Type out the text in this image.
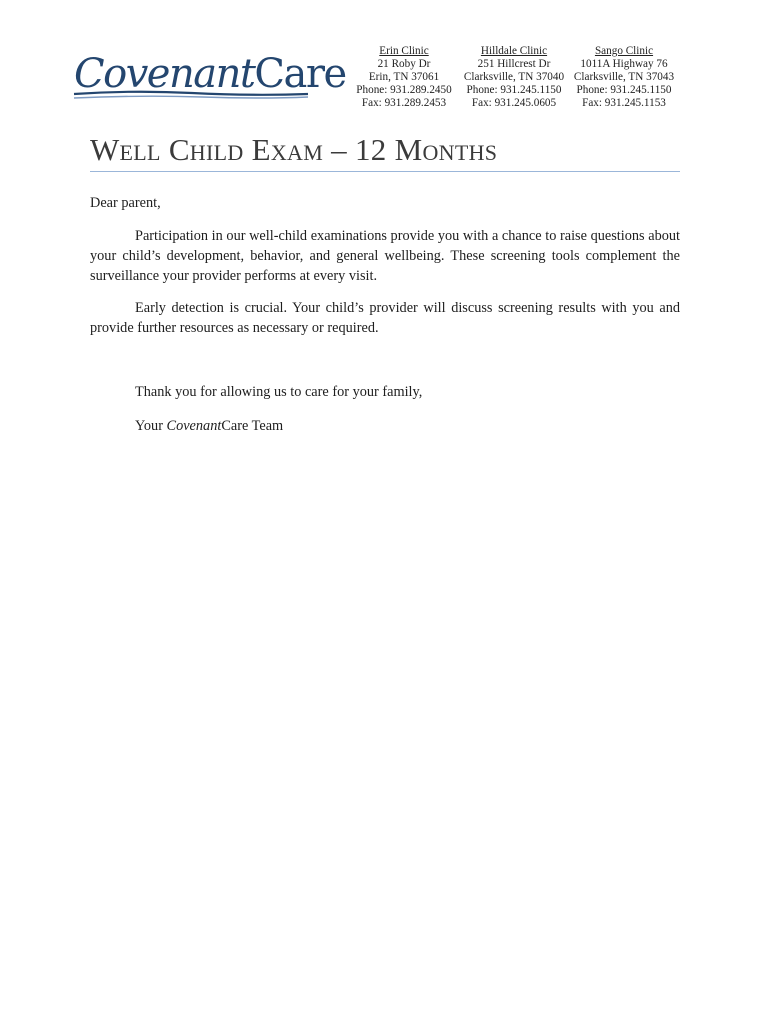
CovenantCare	Erin Clinic
21 Roby Dr
Erin, TN 37061
Phone: 931.289.2450
Fax: 931.289.2453
Hilldale Clinic
251 Hillcrest Dr
Clarksville, TN 37040
Phone: 931.245.1150
Fax: 931.245.0605
Sango Clinic
1011A Highway 76
Clarksville, TN 37043
Phone: 931.245.1150
Fax: 931.245.1153
Well Child Exam – 12 Months

Dear parent,

Participation in our well-child examinations provide you with a chance to raise questions about your child’s development, behavior, and general wellbeing. These screening tools complement the surveillance your provider performs at every visit.

Early detection is crucial. Your child’s provider will discuss screening results with you and provide further resources as necessary or required.

Thank you for allowing us to care for your family,

Your CovenantCare Team
